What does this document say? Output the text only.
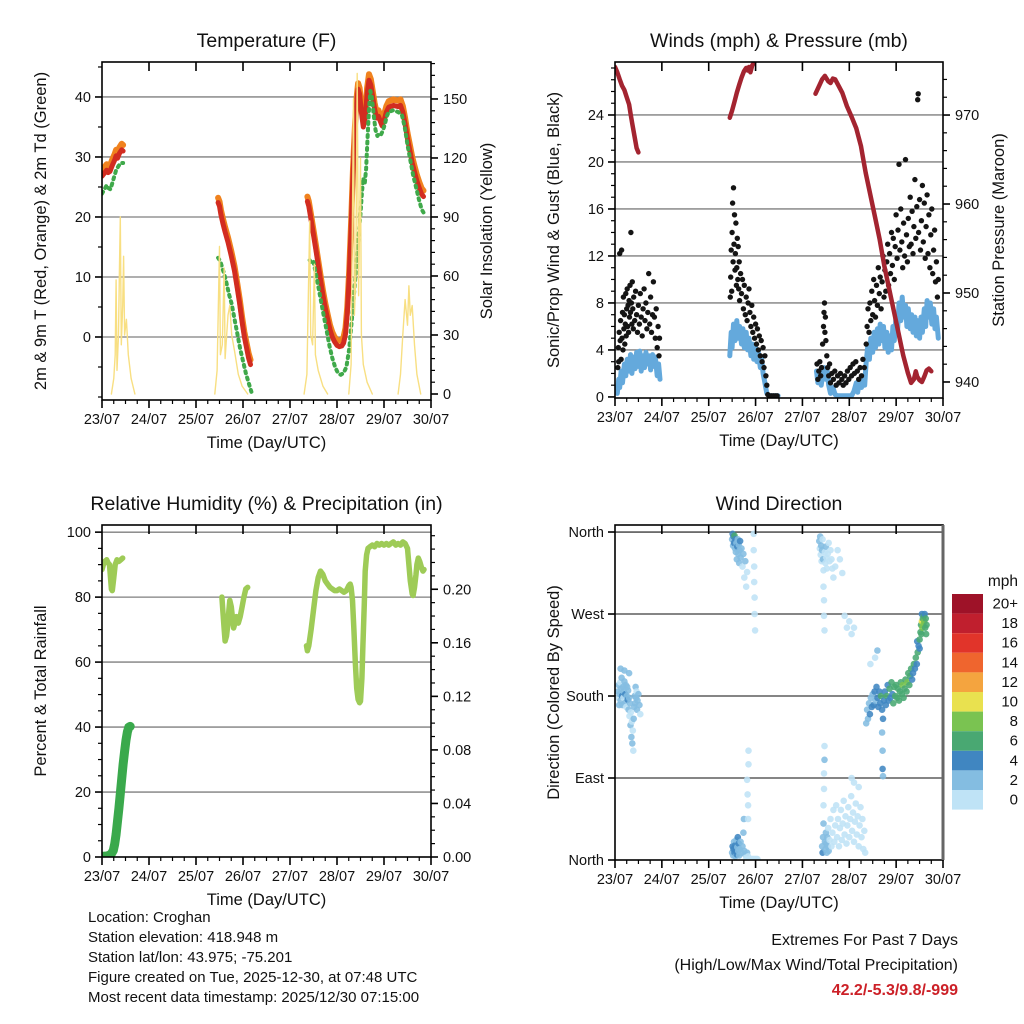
23/07 24/07 25/07 26/07 27/07 28/07 29/07 30/07
Time (Day/UTC)
0
10
20
30
40
2m & 9m T (Red, Orange) & 2m Td (Green)
0
30
60
90
120
150
Solar Insolation (Yellow)
Temperature (F)
23/07 24/07 25/07 26/07 27/07 28/07 29/07 30/07
Time (Day/UTC)
0
4
8
12
16
20
24
Sonic/Prop Wind & Gust (Blue, Black)
940
950
960
970
Station Pressure (Maroon)
Winds (mph) & Pressure (mb)
23/07 24/07 25/07 26/07 27/07 28/07 29/07 30/07
Time (Day/UTC)
0
20
40
60
80
100
Percent & Total Rainfall
0.00
0.04
0.08
0.12
0.16
0.20
Relative Humidity (%) & Precipitation (in)
23/07 24/07 25/07 26/07 27/07 28/07 29/07 30/07
Time (Day/UTC)
North
East
South
West
North
Direction (Colored By Speed)
Wind Direction
mph
20+
18
16
14
12
10
8
6
4
2
0
Location: Croghan
Station elevation: 418.948 m
Station lat/lon: 43.975; -75.201
Figure created on Tue, 2025-12-30, at 07:48 UTC
Most recent data timestamp: 2025/12/30 07:15:00
Extremes For Past 7 Days
(High/Low/Max Wind/Total Precipitation)
42.2/-5.3/9.8/-999
